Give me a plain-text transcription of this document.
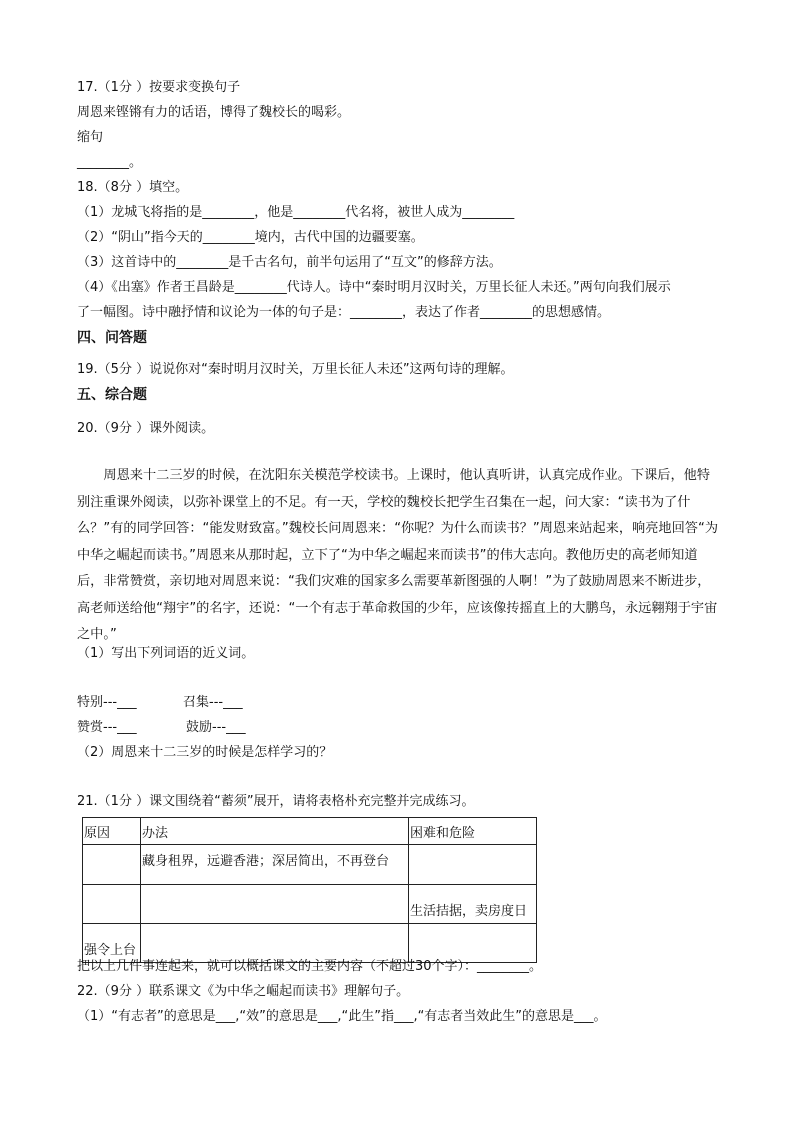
17.（1分 ）按要求变换句子
周恩来铿锵有力的话语，博得了魏校长的喝彩。
缩句
________。
18.（8分 ）填空。
（1）龙城飞将指的是________，他是________代名将，被世人成为________
（2）“阴山”指今天的________境内，古代中国的边疆要塞。
（3）这首诗中的________是千古名句，前半句运用了“互文”的修辞方法。
（4）《出塞》作者王昌龄是________代诗人。诗中“秦时明月汉时关，万里长征人未还。”两句向我们展示
了一幅图。诗中融抒情和议论为一体的句子是：________，表达了作者________的思想感情。
四、问答题
19.（5分 ）说说你对“秦时明月汉时关，万里长征人未还”这两句诗的理解。
五、综合题
20.（9分 ）课外阅读。
周恩来十二三岁的时候，在沈阳东关模范学校读书。上课时，他认真听讲，认真完成作业。下课后，他特别注重课外阅读，以弥补课堂上的不足。有一天，学校的魏校长把学生召集在一起，问大家：“读书为了什么？”有的同学回答：“能发财致富。”魏校长问周恩来：“你呢？为什么而读书？”周恩来站起来，响亮地回答“为中华之崛起而读书。”周恩来从那时起，立下了“为中华之崛起来而读书”的伟大志向。教他历史的高老师知道后，非常赞赏，亲切地对周恩来说：“我们灾难的国家多么需要革新图强的人啊！”为了鼓励周恩来不断进步，高老师送给他“翔宇”的名字，还说：“一个有志于革命救国的少年，应该像抟摇直上的大鹏鸟，永远翱翔于宇宙之中。”
（1）写出下列词语的近义词。
特别---___	召集---___
赞赏---___	鼓励---___
（2）周恩来十二三岁的时候是怎样学习的？
21.（1分 ）课文围绕着“蓄须”展开，请将表格朴充完整并完成练习。
原因	办法	困难和危险
	藏身租界，远避香港；深居简出，不再登台	
		生活拮据，卖房度日
强令上台		
把以上几件事连起来，就可以概括课文的主要内容（不超过30个字）：________。
22.（9分 ）联系课文《为中华之崛起而读书》理解句子。
（1）“有志者”的意思是___,“效”的意思是___,“此生”指___,“有志者当效此生”的意思是___。
